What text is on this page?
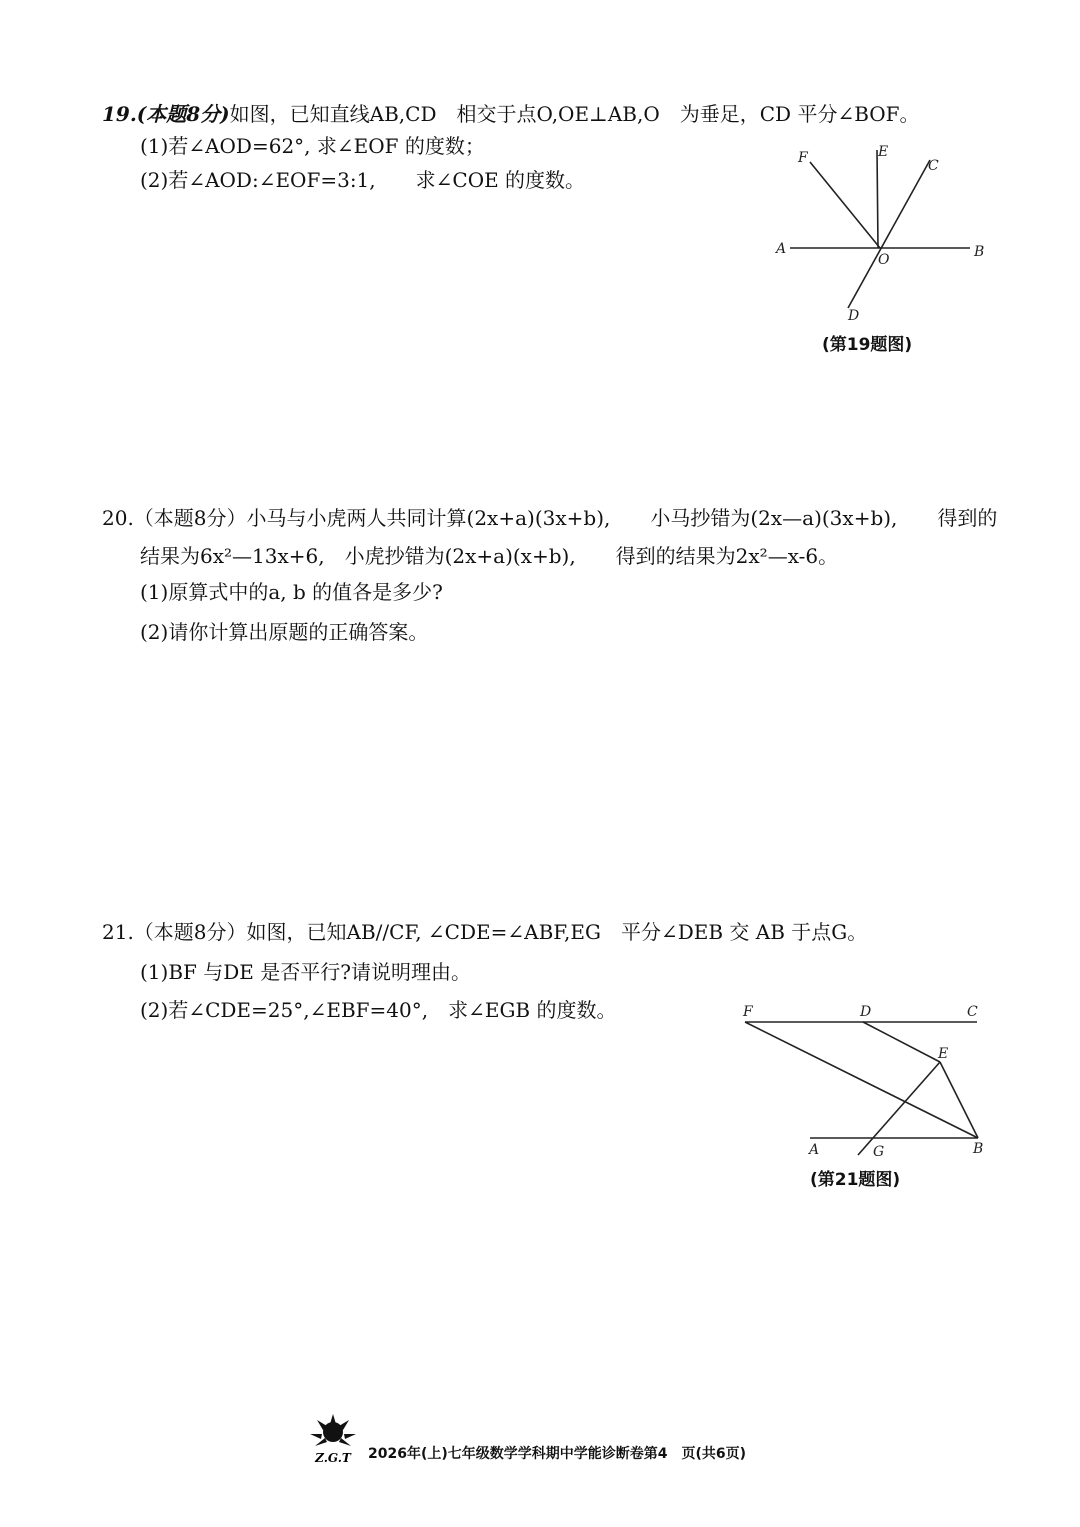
19.(本题8分)如图，已知直线AB,CD　相交于点O,OE⊥AB,O　为垂足，CD 平分∠BOF。
(1)若∠AOD=62°, 求∠EOF 的度数；
(2)若∠AOD:∠EOF=3:1,　　求∠COE 的度数。
F	E
C
A
O	B
D
(第19题图)
20.（本题8分）小马与小虎两人共同计算(2x+a)(3x+b),　　小马抄错为(2x—a)(3x+b),　　得到的
结果为6x²—13x+6,　小虎抄错为(2x+a)(x+b),　　得到的结果为2x²—x-6。
(1)原算式中的a, b 的值各是多少?
(2)请你计算出原题的正确答案。
21.（本题8分）如图，已知AB//CF, ∠CDE=∠ABF,EG　平分∠DEB 交 AB 于点G。
(1)BF 与DE 是否平行?请说明理由。
(2)若∠CDE=25°,∠EBF=40°,　求∠EGB 的度数。	F	D	C
E
A	G	B
(第21题图)
Z.G.T 2026年(上)七年级数学学科期中学能诊断卷第4　页(共6页)
